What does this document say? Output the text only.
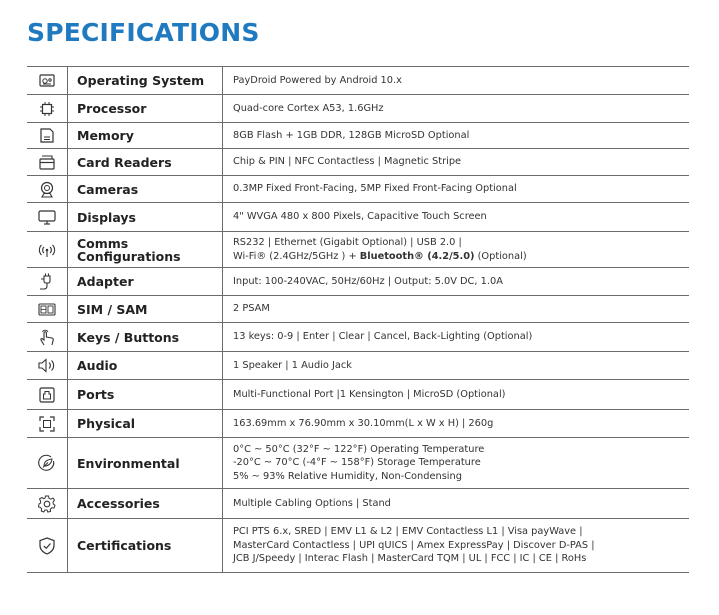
SPECIFICATIONS
	Operating System	PayDroid Powered by Android 10.x

	Processor	Quad-core Cortex A53, 1.6GHz

	Memory	8GB Flash + 1GB DDR, 128GB MicroSD Optional

	Card Readers	Chip & PIN | NFC Contactless | Magnetic Stripe

	Cameras	0.3MP Fixed Front-Facing, 5MP Fixed Front-Facing Optional

	Displays	4" WVGA 480 x 800 Pixels, Capacitive Touch Screen

	Comms Configurations	RS232 | Ethernet (Gigabit Optional) | USB 2.0 |
Wi-Fi® (2.4GHz/5GHz ) + Bluetooth® (4.2/5.0) (Optional)

	Adapter	Input: 100-240VAC, 50Hz/60Hz | Output: 5.0V DC, 1.0A

	SIM / SAM	2 PSAM

	Keys / Buttons	13 keys: 0-9 | Enter | Clear | Cancel, Back-Lighting (Optional)

	Audio	1 Speaker | 1 Audio Jack

	Ports	Multi-Functional Port |1 Kensington | MicroSD (Optional)

	Physical	163.69mm x 76.90mm x 30.10mm(L x W x H) | 260g

	Environmental	0°C ~ 50°C (32°F ~ 122°F) Operating Temperature
-20°C ~ 70°C (-4°F ~ 158°F) Storage Temperature
5% ~ 93% Relative Humidity, Non-Condensing

	Accessories	Multiple Cabling Options | Stand

	Certifications	PCI PTS 6.x, SRED | EMV L1 & L2 | EMV Contactless L1 | Visa payWave |
MasterCard Contactless | UPI qUICS | Amex ExpressPay | Discover D-PAS |
JCB J/Speedy | Interac Flash | MasterCard TQM | UL | FCC | IC | CE | RoHs
